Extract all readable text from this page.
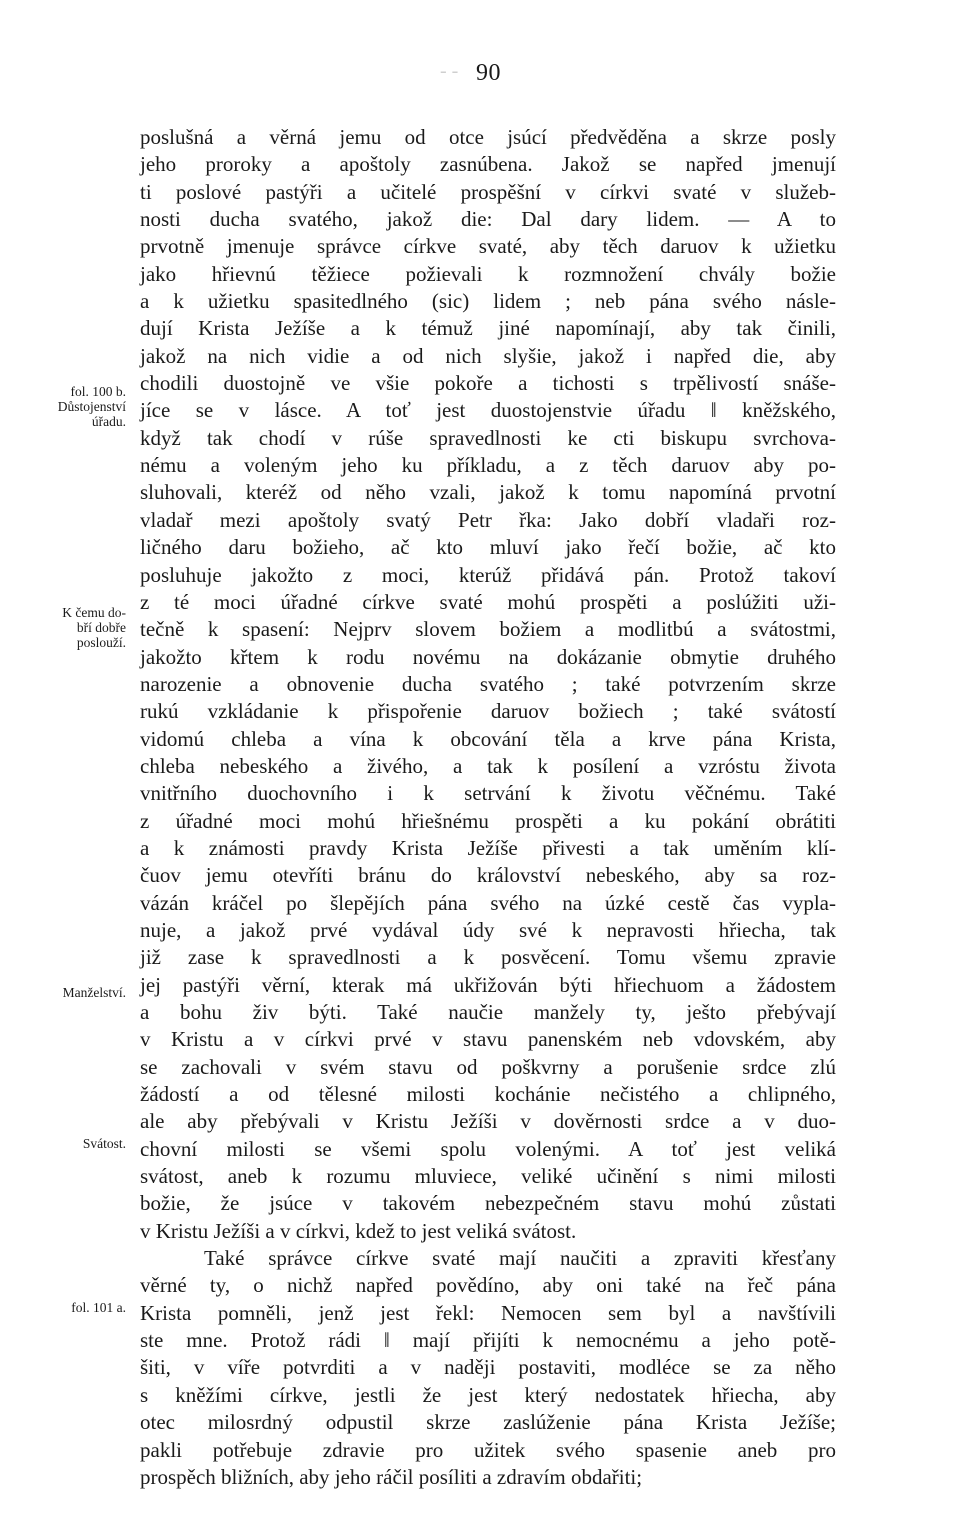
- - 90
poslušná a věrná jemu od otce jsúcí předvěděna a skrze posly
jeho proroky a apoštoly zasnúbena. Jakož se napřed jmenují
ti poslové pastýři a učitelé prospěšní v církvi svaté v služeb-
nosti ducha svatého, jakož die: Dal dary lidem. — A to
prvotně jmenuje správce církve svaté, aby těch daruov k užietku
jako hřievnú těžiece požievali k rozmnožení chvály božie
a k užietku spasitedlného (sic) lidem ; neb pána svého násle-
dují Krista Ježíše a k témuž jiné napomínají, aby tak činili,
jakož na nich vidie a od nich slyšie, jakož i napřed die, aby
chodili duostojně ve všie pokoře a tichosti s trpělivostí snáše-
jíce se v lásce. A toť jest duostojenstvie úřadu ‖ kněžského,
když tak chodí v rúše spravedlnosti ke cti biskupu svrchova-
nému a voleným jeho ku příkladu, a z těch daruov aby po-
sluhovali, kteréž od něho vzali, jakož k tomu napomíná prvotní
vladař mezi apoštoly svatý Petr řka: Jako dobří vladaři roz-
ličného daru božieho, ač kto mluví jako řečí božie, ač kto
posluhuje jakožto z moci, kterúž přidává pán. Protož takoví
z té moci úřadné církve svaté mohú prospěti a poslúžiti uži-
tečně k spasení: Nejprv slovem božiem a modlitbú a svátostmi,
jakožto křtem k rodu novému na dokázanie obmytie druhého
narozenie a obnovenie ducha svatého ; také potvrzením skrze
rukú vzkládanie k přispořenie daruov božiech ; také svátostí
vidomú chleba a vína k obcování těla a krve pána Krista,
chleba nebeského a živého, a tak k posílení a vzróstu života
vnitřního duochovního i k setrvání k životu věčnému. Také
z úřadné moci mohú hřiešnému prospěti a ku pokání obrátiti
a k známosti pravdy Krista Ježíše přivesti a tak uměním klí-
čuov jemu otevříti bránu do království nebeského, aby sa roz-
vázán kráčel po šlepějích pána svého na úzké cestě čas vypla-
nuje, a jakož prvé vydával údy své k nepravosti hřiecha, tak
již zase k spravedlnosti a k posvěcení. Tomu všemu zpravie
jej pastýři věrní, kterak má ukřižován býti hřiechuom a žádostem
a bohu živ býti. Také naučie manžely ty, ješto přebývají
v Kristu a v církvi prvé v stavu panenském neb vdovském, aby
se zachovali v svém stavu od poškvrny a porušenie srdce zlú
žádostí a od tělesné milosti kochánie nečistého a chlipného,
ale aby přebývali v Kristu Ježíši v dověrnosti srdce a v duo-
chovní milosti se všemi spolu volenými. A toť jest veliká
svátost, aneb k rozumu mluviece, veliké učinění s nimi milosti
božie, že jsúce v takovém nebezpečném stavu mohú zůstati
v Kristu Ježíši a v církvi, kdež to jest veliká svátost.
Také správce církve svaté mají naučiti a zpraviti křesťany
věrné ty, o nichž napřed povědíno, aby oni také na řeč pána
Krista pomněli, jenž jest řekl: Nemocen sem byl a navštívili
ste mne. Protož rádi ‖ mají přijíti k nemocnému a jeho potě-
šiti, v víře potvrditi a v naději postaviti, modléce se za něho
s kněžími církve, jestli že jest který nedostatek hřiecha, aby
otec milosrdný odpustil skrze zaslúženie pána Krista Ježíše;
pakli potřebuje zdravie pro užitek svého spasenie aneb pro
prospěch bližních, aby jeho ráčil posíliti a zdravím obdařiti;
fol. 100 b.
Důstojenství
úřadu.
K čemu do-
bří dobře
poslouží.
Manželství.
Svátost.
fol. 101 a.
